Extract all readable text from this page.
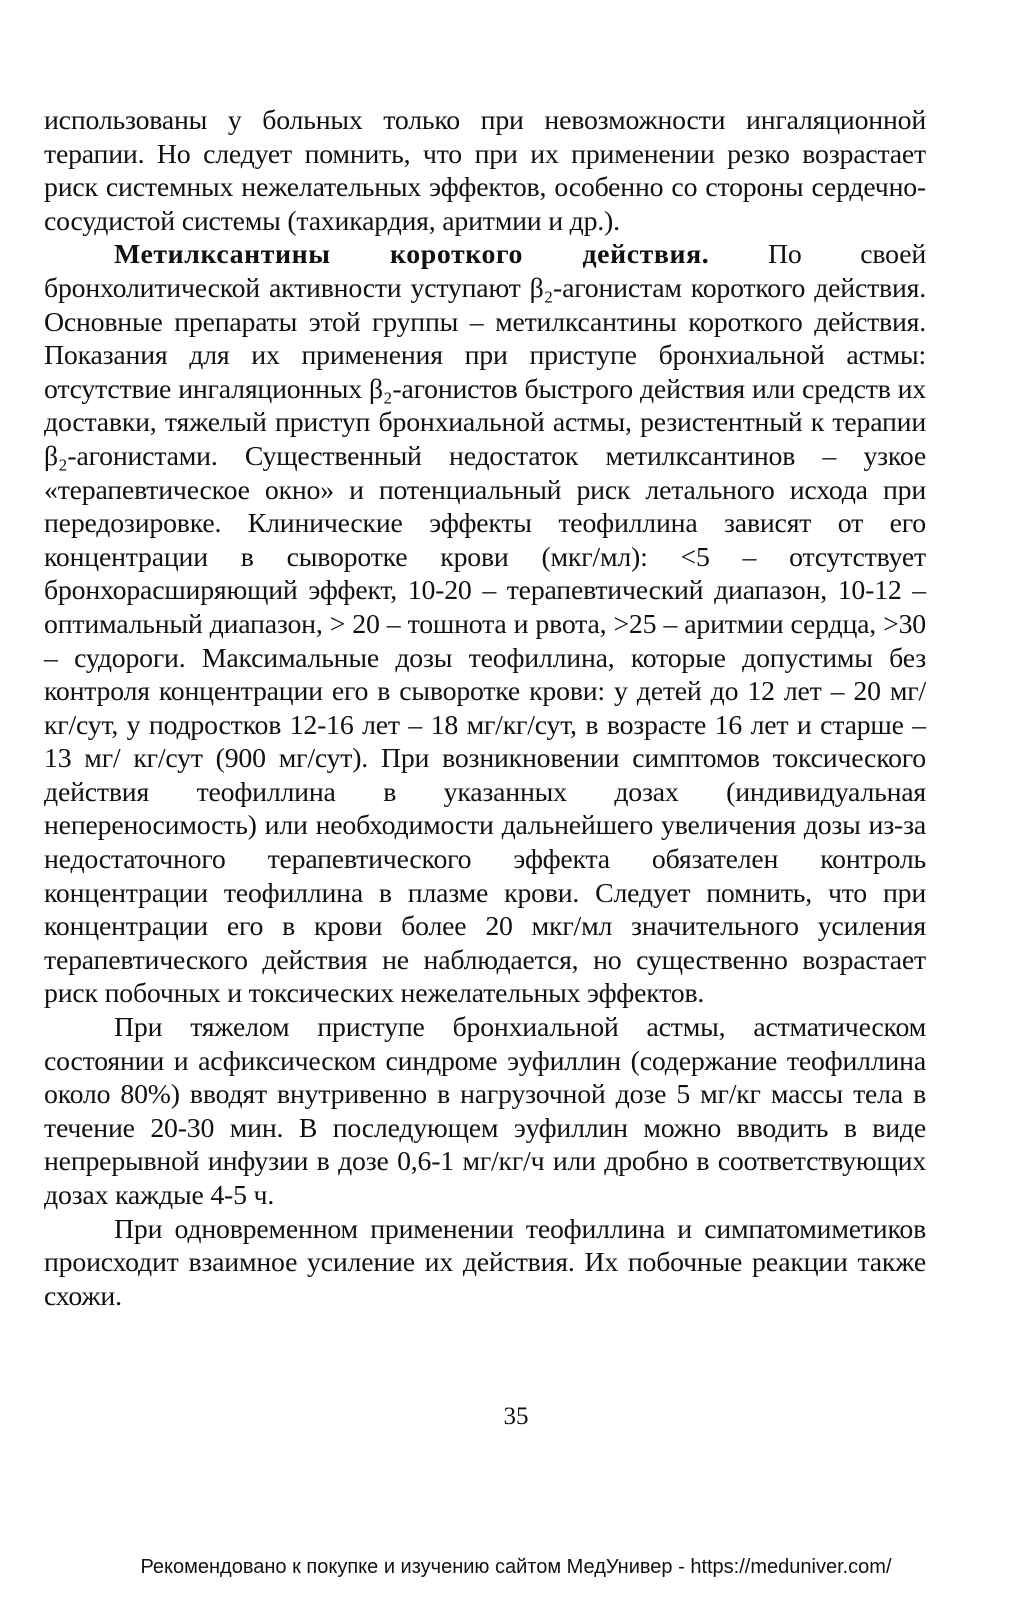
использованы у больных только при невозможности ингаляционной терапии. Но следует помнить, что при их применении резко возрастает риск системных нежелательных эффектов, особенно со стороны сердечно-сосудистой системы (тахикардия, аритмии и др.).

Метилксантины короткого действия. По своей бронхолитической активности уступают β₂-агонистам короткого действия. Основные препараты этой группы – метилксантины короткого действия. Показания для их применения при приступе бронхиальной астмы: отсутствие ингаляционных β₂-агонистов быстрого действия или средств их доставки, тяжелый приступ бронхиальной астмы, резистентный к терапии β₂-агонистами. Существенный недостаток метилксантинов – узкое «терапевтическое окно» и потенциальный риск летального исхода при передозировке. Клинические эффекты теофиллина зависят от его концентрации в сыворотке крови (мкг/мл): <5 – отсутствует бронхорасширяющий эффект, 10-20 – терапевтический диапазон, 10-12 – оптимальный диапазон, > 20 – тошнота и рвота, >25 – аритмии сердца, >30 – судороги. Максимальные дозы теофиллина, которые допустимы без контроля концентрации его в сыворотке крови: у детей до 12 лет – 20 мг/кг/сут, у подростков 12-16 лет – 18 мг/кг/сут, в возрасте 16 лет и старше – 13 мг/ кг/сут (900 мг/сут). При возникновении симптомов токсического действия теофиллина в указанных дозах (индивидуальная непереносимость) или необходимости дальнейшего увеличения дозы из-за недостаточного терапевтического эффекта обязателен контроль концентрации теофиллина в плазме крови. Следует помнить, что при концентрации его в крови более 20 мкг/мл значительного усиления терапевтического действия не наблюдается, но существенно возрастает риск побочных и токсических нежелательных эффектов.

При тяжелом приступе бронхиальной астмы, астматическом состоянии и асфиксическом синдроме эуфиллин (содержание теофиллина около 80%) вводят внутривенно в нагрузочной дозе 5 мг/кг массы тела в течение 20-30 мин. В последующем эуфиллин можно вводить в виде непрерывной инфузии в дозе 0,6-1 мг/кг/ч или дробно в соответствующих дозах каждые 4-5 ч.

При одновременном применении теофиллина и симпатомиметиков происходит взаимное усиление их действия. Их побочные реакции также схожи.

35
Рекомендовано к покупке и изучению сайтом МедУнивер - https://meduniver.com/
